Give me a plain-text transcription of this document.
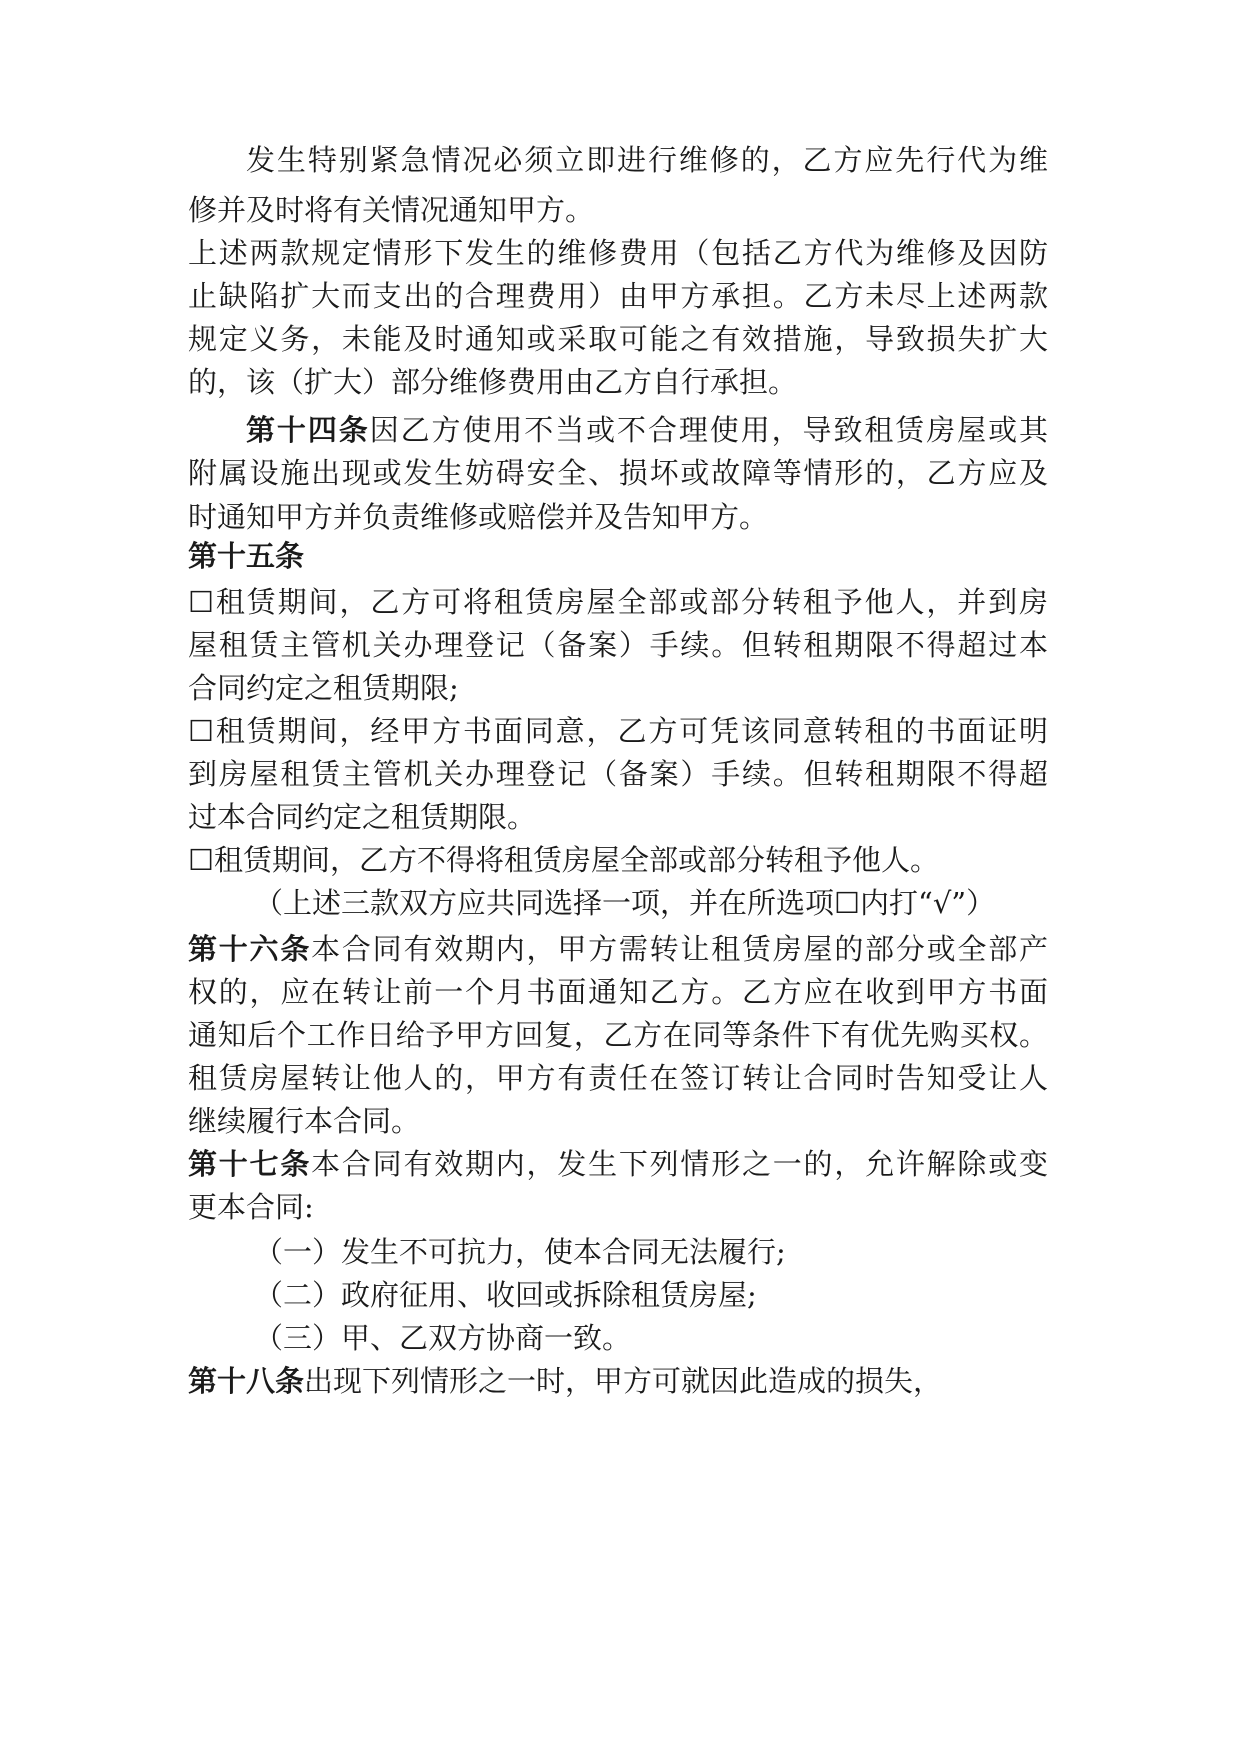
发生特别紧急情况必须立即进行维修的，乙方应先行代为维
修并及时将有关情况通知甲方。
上述两款规定情形下发生的维修费用（包括乙方代为维修及因防
止缺陷扩大而支出的合理费用）由甲方承担。乙方未尽上述两款
规定义务，未能及时通知或采取可能之有效措施，导致损失扩大
的，该（扩大）部分维修费用由乙方自行承担。
第十四条因乙方使用不当或不合理使用，导致租赁房屋或其
附属设施出现或发生妨碍安全、损坏或故障等情形的，乙方应及
时通知甲方并负责维修或赔偿并及告知甲方。
第十五条
☐租赁期间，乙方可将租赁房屋全部或部分转租予他人，并到房
屋租赁主管机关办理登记（备案）手续。但转租期限不得超过本
合同约定之租赁期限;
☐租赁期间，经甲方书面同意，乙方可凭该同意转租的书面证明
到房屋租赁主管机关办理登记（备案）手续。但转租期限不得超
过本合同约定之租赁期限。
☐租赁期间，乙方不得将租赁房屋全部或部分转租予他人。
（上述三款双方应共同选择一项，并在所选项☐内打“√”）
第十六条本合同有效期内，甲方需转让租赁房屋的部分或全部产
权的，应在转让前一个月书面通知乙方。乙方应在收到甲方书面
通知后个工作日给予甲方回复，乙方在同等条件下有优先购买权。
租赁房屋转让他人的，甲方有责任在签订转让合同时告知受让人
继续履行本合同。
第十七条本合同有效期内，发生下列情形之一的，允许解除或变
更本合同:
（一）发生不可抗力，使本合同无法履行;
（二）政府征用、收回或拆除租赁房屋;
（三）甲、乙双方协商一致。
第十八条出现下列情形之一时，甲方可就因此造成的损失，
